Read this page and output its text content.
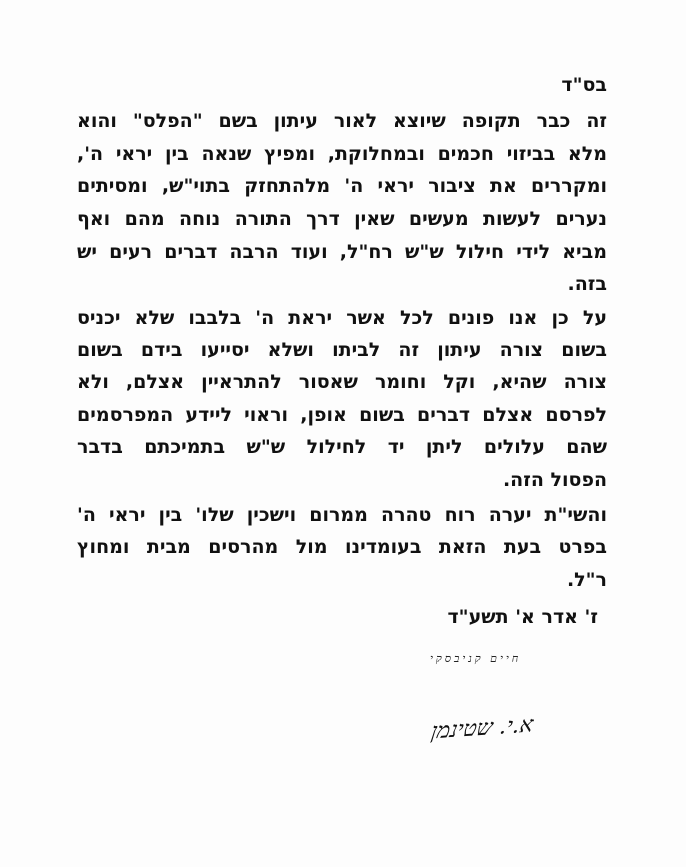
בס"ד
זה כבר תקופה שיוצא לאור עיתון בשם "הפלס" והוא
מלא בביזוי חכמים ובמחלוקת, ומפיץ שנאה בין יראי ה',
ומקררים את ציבור יראי ה' מלהתחזק בתוי"ש, ומסיתים
נערים לעשות מעשים שאין דרך התורה נוחה מהם ואף
מביא לידי חילול ש"ש רח"ל, ועוד הרבה דברים רעים יש
בזה.
על כן אנו פונים לכל אשר יראת ה' בלבבו שלא יכניס
בשום צורה עיתון זה לביתו ושלא יסייעו בידם בשום
צורה שהיא, וקל וחומר שאסור להתראיין אצלם, ולא
לפרסם אצלם דברים בשום אופן, וראוי ליידע המפרסמים
שהם עלולים ליתן יד לחילול ש"ש בתמיכתם בדבר
הפסול הזה.
והשי"ת יערה רוח טהרה ממרום וישכין שלו' בין יראי ה'
בפרט בעת הזאת בעומדינו מול מהרסים מבית ומחוץ
ר"ל.
ז' אדר א' תשע"ד
חיים קניבסקי
א.י. שטינמן
